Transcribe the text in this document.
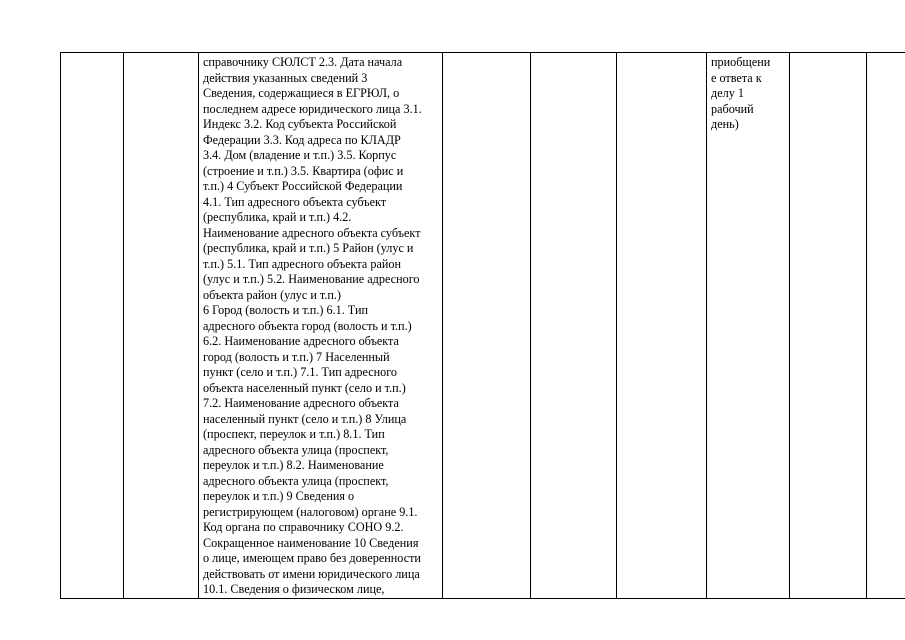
справочнику СЮЛСТ 2.3. Дата начала
действия указанных сведений 3
Сведения, содержащиеся в ЕГРЮЛ, о
последнем адресе юридического лица 3.1.
Индекс 3.2. Код субъекта Российской
Федерации 3.3. Код адреса по КЛАДР
3.4. Дом (владение и т.п.) 3.5. Корпус
(строение и т.п.) 3.5. Квартира (офис и
т.п.) 4 Субъект Российской Федерации
4.1. Тип адресного объекта субъект
(республика, край и т.п.) 4.2.
Наименование адресного объекта субъект
(республика, край и т.п.) 5 Район (улус и
т.п.) 5.1. Тип адресного объекта район
(улус и т.п.) 5.2. Наименование адресного
объекта район (улус и т.п.)
6 Город (волость и т.п.) 6.1. Тип
адресного объекта город (волость и т.п.)
6.2. Наименование адресного объекта
город (волость и т.п.) 7 Населенный
пункт (село и т.п.) 7.1. Тип адресного
объекта населенный пункт (село и т.п.)
7.2. Наименование адресного объекта
населенный пункт (село и т.п.) 8 Улица
(проспект, переулок и т.п.) 8.1. Тип
адресного объекта улица (проспект,
переулок и т.п.) 8.2. Наименование
адресного объекта улица (проспект,
переулок и т.п.) 9 Сведения о
регистрирующем (налоговом) органе 9.1.
Код органа по справочнику СОНО 9.2.
Сокращенное наименование 10 Сведения
о лице, имеющем право без доверенности
действовать от имени юридического лица
10.1. Сведения о физическом лице,

приобщени
е ответа к
делу 1
рабочий
день)
